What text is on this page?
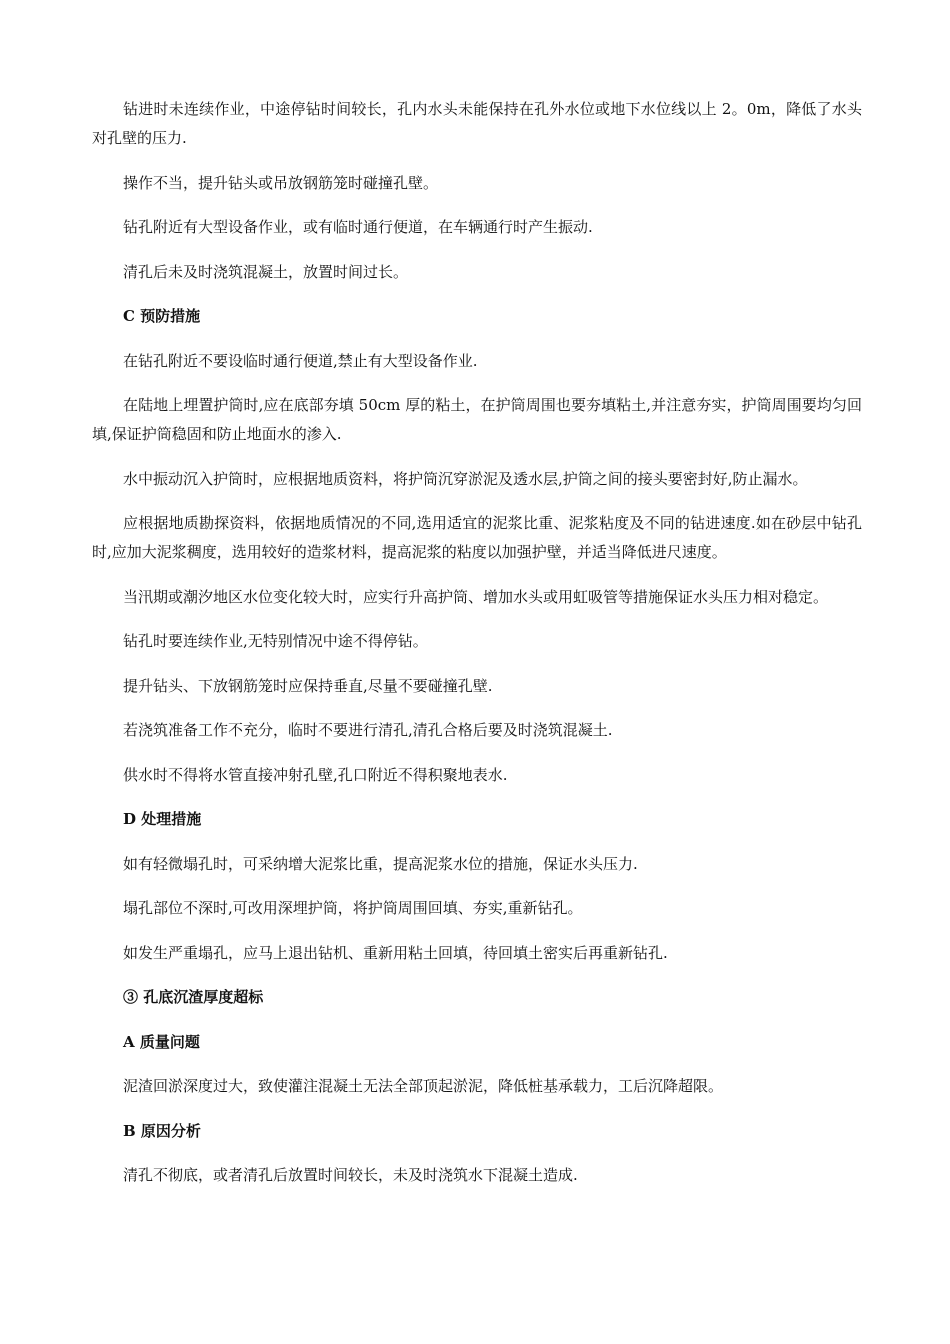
钻进时未连续作业，中途停钻时间较长，孔内水头未能保持在孔外水位或地下水位线以上 2。0m，降低了水头对孔壁的压力.

操作不当，提升钻头或吊放钢筋笼时碰撞孔壁。

钻孔附近有大型设备作业，或有临时通行便道，在车辆通行时产生振动.

清孔后未及时浇筑混凝土，放置时间过长。

C 预防措施

在钻孔附近不要设临时通行便道,禁止有大型设备作业.

在陆地上埋置护筒时,应在底部夯填 50cm 厚的粘土，在护筒周围也要夯填粘土,并注意夯实，护筒周围要均匀回填,保证护筒稳固和防止地面水的渗入.

水中振动沉入护筒时，应根据地质资料，将护筒沉穿淤泥及透水层,护筒之间的接头要密封好,防止漏水。

应根据地质勘探资料，依据地质情况的不同,选用适宜的泥浆比重、泥浆粘度及不同的钻进速度.如在砂层中钻孔时,应加大泥浆稠度，选用较好的造浆材料，提高泥浆的粘度以加强护壁，并适当降低进尺速度。

当汛期或潮汐地区水位变化较大时，应实行升高护筒、增加水头或用虹吸管等措施保证水头压力相对稳定。

钻孔时要连续作业,无特别情况中途不得停钻。

提升钻头、下放钢筋笼时应保持垂直,尽量不要碰撞孔壁.

若浇筑准备工作不充分，临时不要进行清孔,清孔合格后要及时浇筑混凝土.

供水时不得将水管直接冲射孔壁,孔口附近不得积聚地表水.

D 处理措施

如有轻微塌孔时，可采纳增大泥浆比重，提高泥浆水位的措施，保证水头压力.

塌孔部位不深时,可改用深埋护筒，将护筒周围回填、夯实,重新钻孔。

如发生严重塌孔，应马上退出钻机、重新用粘土回填，待回填土密实后再重新钻孔.

③ 孔底沉渣厚度超标

A 质量问题

泥渣回淤深度过大，致使灌注混凝土无法全部顶起淤泥，降低桩基承载力，工后沉降超限。

B 原因分析

清孔不彻底，或者清孔后放置时间较长，未及时浇筑水下混凝土造成.
